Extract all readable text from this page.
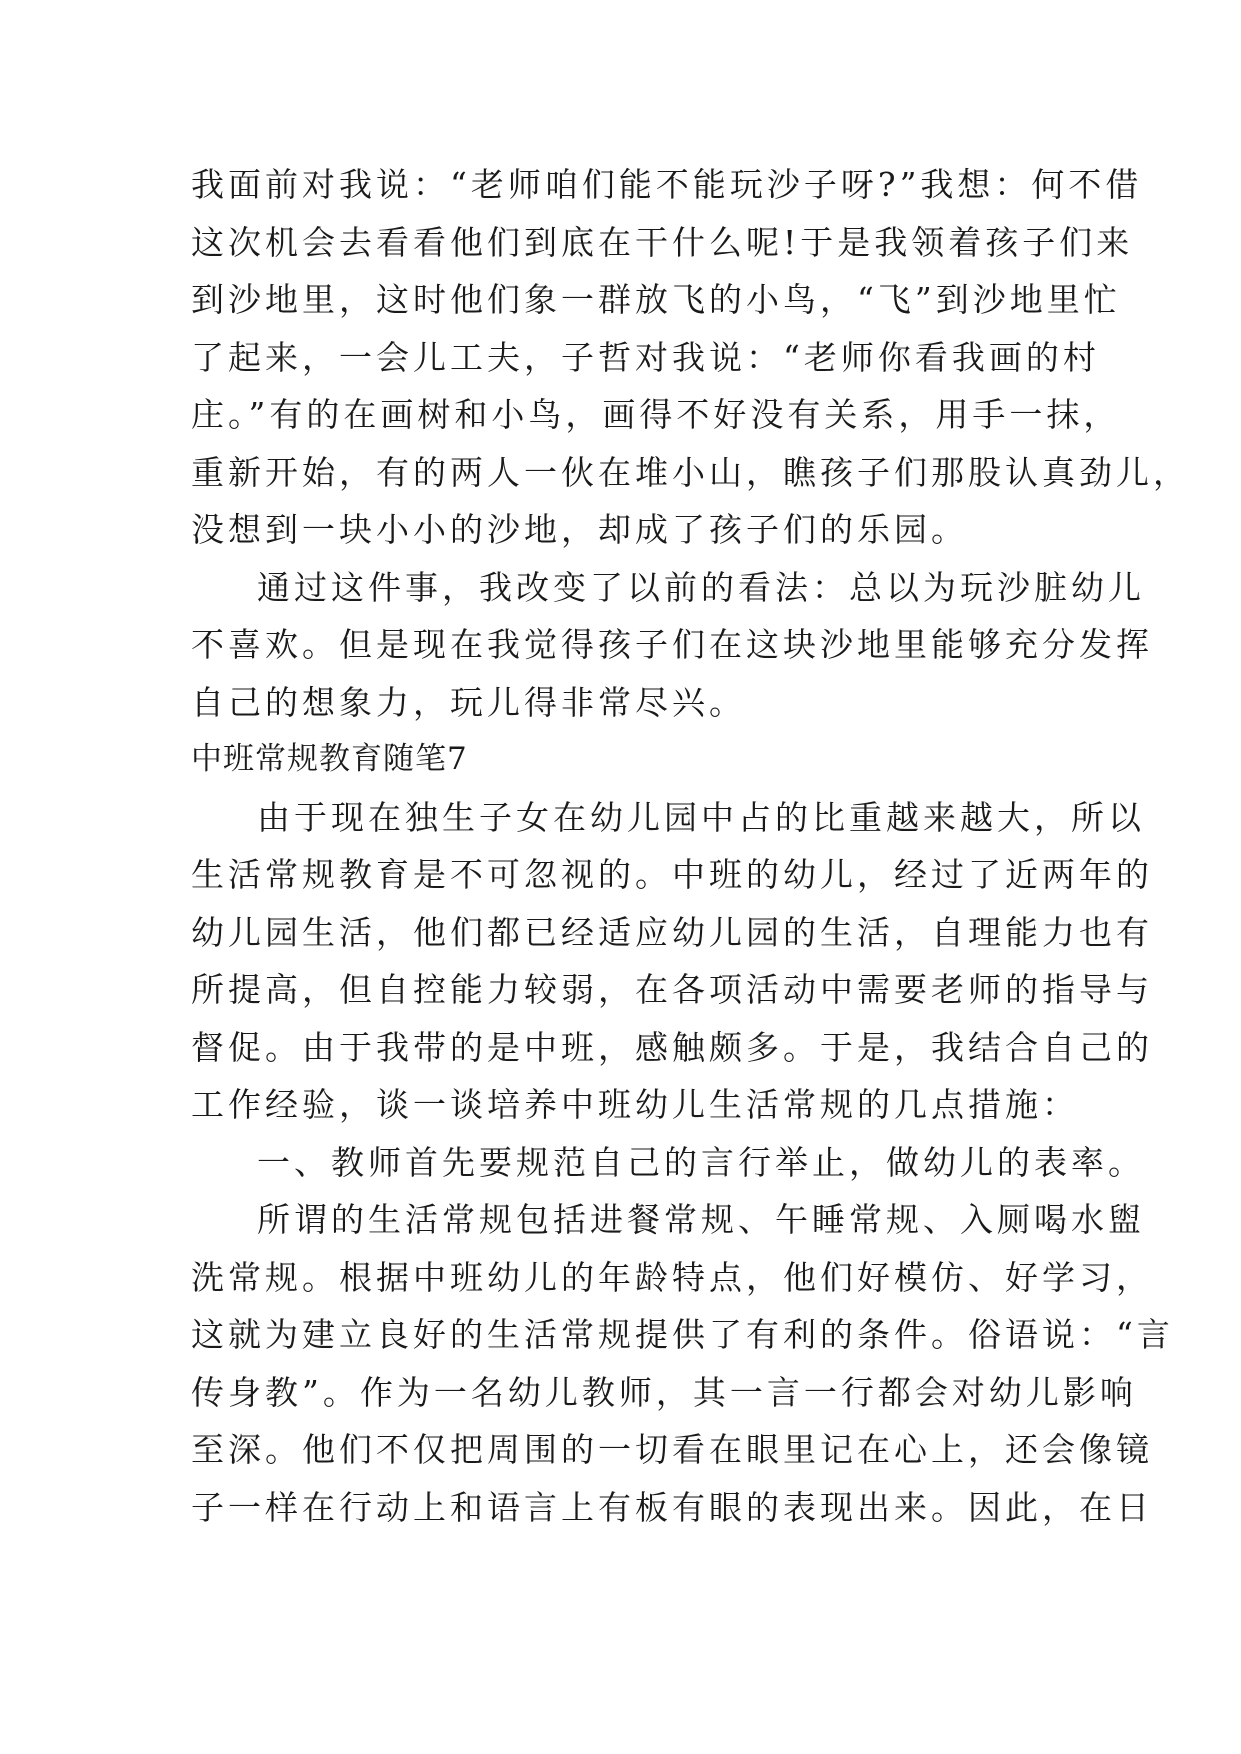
我面前对我说：“老师咱们能不能玩沙子呀?”我想：何不借
这次机会去看看他们到底在干什么呢!于是我领着孩子们来
到沙地里，这时他们象一群放飞的小鸟，“飞”到沙地里忙
了起来，一会儿工夫，子哲对我说：“老师你看我画的村
庄。”有的在画树和小鸟，画得不好没有关系，用手一抹，
重新开始，有的两人一伙在堆小山，瞧孩子们那股认真劲儿，
没想到一块小小的沙地，却成了孩子们的乐园。
通过这件事，我改变了以前的看法：总以为玩沙脏幼儿
不喜欢。但是现在我觉得孩子们在这块沙地里能够充分发挥
自己的想象力，玩儿得非常尽兴。
中班常规教育随笔7
由于现在独生子女在幼儿园中占的比重越来越大，所以
生活常规教育是不可忽视的。中班的幼儿，经过了近两年的
幼儿园生活，他们都已经适应幼儿园的生活，自理能力也有
所提高，但自控能力较弱，在各项活动中需要老师的指导与
督促。由于我带的是中班，感触颇多。于是，我结合自己的
工作经验，谈一谈培养中班幼儿生活常规的几点措施：
一、教师首先要规范自己的言行举止，做幼儿的表率。
所谓的生活常规包括进餐常规、午睡常规、入厕喝水盥
洗常规。根据中班幼儿的年龄特点，他们好模仿、好学习，
这就为建立良好的生活常规提供了有利的条件。俗语说：“言
传身教”。作为一名幼儿教师，其一言一行都会对幼儿影响
至深。他们不仅把周围的一切看在眼里记在心上，还会像镜
子一样在行动上和语言上有板有眼的表现出来。因此，在日
